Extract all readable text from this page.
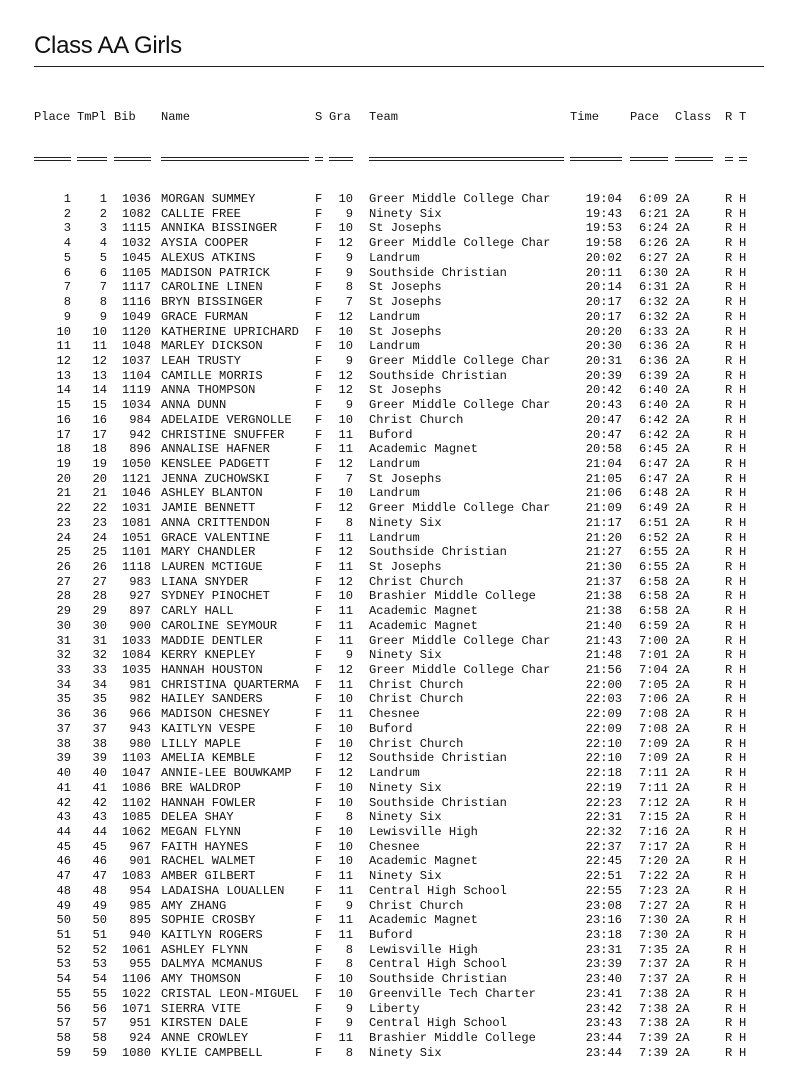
Class AA Girls

Place TmPl Bib Name	S Gra Team	Time	Pace Class R T

1 1 1036 MORGAN SUMMEY	F 10 Greer Middle College Char	19:04 6:09 2A	R H
2 2 1082 CALLIE FREE	F 9 Ninety Six	19:43 6:21 2A	R H
3 3 1115 ANNIKA BISSINGER	F 10 St Josephs	19:53 6:24 2A	R H
4 4 1032 AYSIA COOPER	F 12 Greer Middle College Char	19:58 6:26 2A	R H
5 5 1045 ALEXUS ATKINS	F 9 Landrum	20:02 6:27 2A	R H
6 6 1105 MADISON PATRICK	F 9 Southside Christian	20:11 6:30 2A	R H
7 7 1117 CAROLINE LINEN	F 8 St Josephs	20:14 6:31 2A	R H
8 8 1116 BRYN BISSINGER	F 7 St Josephs	20:17 6:32 2A	R H
9 9 1049 GRACE FURMAN	F 12 Landrum	20:17 6:32 2A	R H
10 10 1120 KATHERINE UPRICHARD F 10 St Josephs	20:20 6:33 2A	R H
11 11 1048 MARLEY DICKSON	F 10 Landrum	20:30 6:36 2A	R H
12 12 1037 LEAH TRUSTY	F 9 Greer Middle College Char	20:31 6:36 2A	R H
13 13 1104 CAMILLE MORRIS	F 12 Southside Christian	20:39 6:39 2A	R H
14 14 1119 ANNA THOMPSON	F 12 St Josephs	20:42 6:40 2A	R H
15 15 1034 ANNA DUNN	F 9 Greer Middle College Char	20:43 6:40 2A	R H
16 16 984 ADELAIDE VERGNOLLE F 10 Christ Church	20:47 6:42 2A	R H
17 17 942 CHRISTINE SNUFFER	F 11 Buford	20:47 6:42 2A	R H
18 18 896 ANNALISE HAFNER	F 11 Academic Magnet	20:58 6:45 2A	R H
19 19 1050 KENSLEE PADGETT	F 12 Landrum	21:04 6:47 2A	R H
20 20 1121 JENNA ZUCHOWSKI	F 7 St Josephs	21:05 6:47 2A	R H
21 21 1046 ASHLEY BLANTON	F 10 Landrum	21:06 6:48 2A	R H
22 22 1031 JAMIE BENNETT	F 12 Greer Middle College Char	21:09 6:49 2A	R H
23 23 1081 ANNA CRITTENDON	F 8 Ninety Six	21:17 6:51 2A	R H
24 24 1051 GRACE VALENTINE	F 11 Landrum	21:20 6:52 2A	R H
25 25 1101 MARY CHANDLER	F 12 Southside Christian	21:27 6:55 2A	R H
26 26 1118 LAUREN MCTIGUE	F 11 St Josephs	21:30 6:55 2A	R H
27 27 983 LIANA SNYDER	F 12 Christ Church	21:37 6:58 2A	R H
28 28 927 SYDNEY PINOCHET	F 10 Brashier Middle College	21:38 6:58 2A	R H
29 29 897 CARLY HALL	F 11 Academic Magnet	21:38 6:58 2A	R H
30 30 900 CAROLINE SEYMOUR	F 11 Academic Magnet	21:40 6:59 2A	R H
31 31 1033 MADDIE DENTLER	F 11 Greer Middle College Char	21:43 7:00 2A	R H
32 32 1084 KERRY KNEPLEY	F 9 Ninety Six	21:48 7:01 2A	R H
33 33 1035 HANNAH HOUSTON	F 12 Greer Middle College Char	21:56 7:04 2A	R H
34 34 981 CHRISTINA QUARTERMA F 11 Christ Church	22:00 7:05 2A	R H
35 35 982 HAILEY SANDERS	F 10 Christ Church	22:03 7:06 2A	R H
36 36 966 MADISON CHESNEY	F 11 Chesnee	22:09 7:08 2A	R H
37 37 943 KAITLYN VESPE	F 10 Buford	22:09 7:08 2A	R H
38 38 980 LILLY MAPLE	F 10 Christ Church	22:10 7:09 2A	R H
39 39 1103 AMELIA KEMBLE	F 12 Southside Christian	22:10 7:09 2A	R H
40 40 1047 ANNIE-LEE BOUWKAMP F 12 Landrum	22:18 7:11 2A	R H
41 41 1086 BRE WALDROP	F 10 Ninety Six	22:19 7:11 2A	R H
42 42 1102 HANNAH FOWLER	F 10 Southside Christian	22:23 7:12 2A	R H
43 43 1085 DELEA SHAY	F 8 Ninety Six	22:31 7:15 2A	R H
44 44 1062 MEGAN FLYNN	F 10 Lewisville High	22:32 7:16 2A	R H
45 45 967 FAITH HAYNES	F 10 Chesnee	22:37 7:17 2A	R H
46 46 901 RACHEL WALMET	F 10 Academic Magnet	22:45 7:20 2A	R H
47 47 1083 AMBER GILBERT	F 11 Ninety Six	22:51 7:22 2A	R H
48 48 954 LADAISHA LOUALLEN	F 11 Central High School	22:55 7:23 2A	R H
49 49 985 AMY ZHANG	F 9 Christ Church	23:08 7:27 2A	R H
50 50 895 SOPHIE CROSBY	F 11 Academic Magnet	23:16 7:30 2A	R H
51 51 940 KAITLYN ROGERS	F 11 Buford	23:18 7:30 2A	R H
52 52 1061 ASHLEY FLYNN	F 8 Lewisville High	23:31 7:35 2A	R H
53 53 955 DALMYA MCMANUS	F 8 Central High School	23:39 7:37 2A	R H
54 54 1106 AMY THOMSON	F 10 Southside Christian	23:40 7:37 2A	R H
55 55 1022 CRISTAL LEON-MIGUEL F 10 Greenville Tech Charter	23:41 7:38 2A	R H
56 56 1071 SIERRA VITE	F 9 Liberty	23:42 7:38 2A	R H
57 57 951 KIRSTEN DALE	F 9 Central High School	23:43 7:38 2A	R H
58 58 924 ANNE CROWLEY	F 11 Brashier Middle College	23:44 7:39 2A	R H
59 59 1080 KYLIE CAMPBELL	F 8 Ninety Six	23:44 7:39 2A	R H
